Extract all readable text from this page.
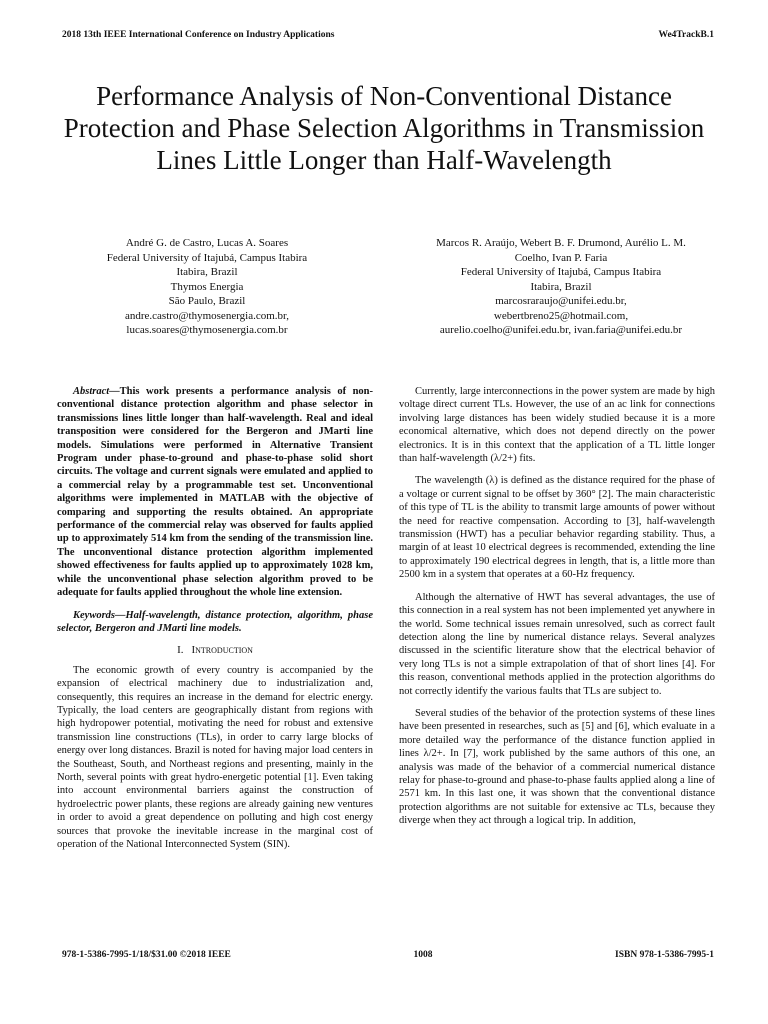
2018 13th IEEE International Conference on Industry Applications	We4TrackB.1
Performance Analysis of Non-Conventional Distance Protection and Phase Selection Algorithms in Transmission Lines Little Longer than Half-Wavelength
André G. de Castro, Lucas A. Soares
Federal University of Itajubá, Campus Itabira
Itabira, Brazil
Thymos Energia
São Paulo, Brazil
andre.castro@thymosenergia.com.br,
lucas.soares@thymosenergia.com.br
Marcos R. Araújo, Webert B. F. Drumond, Aurélio L. M.
Coelho, Ivan P. Faria
Federal University of Itajubá, Campus Itabira
Itabira, Brazil
marcosraraujo@unifei.edu.br,
webertbreno25@hotmail.com,
aurelio.coelho@unifei.edu.br, ivan.faria@unifei.edu.br

Abstract—This work presents a performance analysis of non-conventional distance protection algorithm and phase selector in transmissions lines little longer than half-wavelength. Real and ideal transposition were considered for the Bergeron and JMarti line models. Simulations were performed in Alternative Transient Program under phase-to-ground and phase-to-phase solid short circuits. The voltage and current signals were emulated and applied to a commercial relay by a programmable test set. Unconventional algorithms were implemented in MATLAB with the objective of comparing and supporting the results obtained. An appropriate performance of the commercial relay was observed for faults applied up to approximately 514 km from the sending of the transmission line. The unconventional distance protection algorithm implemented showed effectiveness for faults applied up to approximately 1028 km, while the unconventional phase selection algorithm proved to be adequate for faults applied throughout the whole line extension.

Keywords—Half-wavelength, distance protection, algorithm, phase selector, Bergeron and JMarti line models.

I. Introduction

The economic growth of every country is accompanied by the expansion of electrical machinery due to industrialization and, consequently, this requires an increase in the demand for electric energy. Typically, the load centers are geographically distant from regions with high hydropower potential, motivating the need for robust and extensive transmission line constructions (TLs), in order to carry large blocks of energy over long distances. Brazil is noted for having major load centers in the Southeast, South, and Northeast regions and presenting, mainly in the North, several points with great hydro-energetic potential [1]. Even taking into account environmental barriers against the construction of hydroelectric power plants, these regions are already gaining new ventures in order to avoid a great dependence on polluting and high cost energy sources that provoke the inevitable increase in the marginal cost of operation of the National Interconnected System (SIN).

Currently, large interconnections in the power system are made by high voltage direct current TLs. However, the use of an ac link for connections involving large distances has been widely studied because it is a more economical alternative, which does not depend directly on the power electronics. It is in this context that the application of a TL little longer than half-wavelength (λ/2+) fits.

The wavelength (λ) is defined as the distance required for the phase of a voltage or current signal to be offset by 360° [2]. The main characteristic of this type of TL is the ability to transmit large amounts of power without the need for reactive compensation. According to [3], half-wavelength transmission (HWT) has a peculiar behavior regarding stability. Thus, a margin of at least 10 electrical degrees is recommended, extending the line to approximately 190 electrical degrees in length, that is, a little more than 2500 km in a system that operates at a 60-Hz frequency.

Although the alternative of HWT has several advantages, the use of this connection in a real system has not been implemented yet anywhere in the world. Some technical issues remain unresolved, such as correct fault detection along the line by numerical distance relays. Several analyzes discussed in the scientific literature show that the electrical behavior of very long TLs is not a simple extrapolation of that of short lines [4]. For this reason, conventional methods applied in the protection algorithms do not correctly identify the various faults that TLs are subject to.

Several studies of the behavior of the protection systems of these lines have been presented in researches, such as [5] and [6], which evaluate in a more detailed way the performance of the distance function applied in lines λ/2+. In [7], work published by the same authors of this one, an analysis was made of the behavior of a commercial numerical distance relay for phase-to-ground and phase-to-phase faults applied along a line of 2571 km. In this last one, it was shown that the conventional distance protection algorithms are not suitable for extensive ac TLs, because they diverge when they act through a logical trip. In addition,

978-1-5386-7995-1/18/$31.00 ©2018 IEEE	1008	ISBN 978-1-5386-7995-1
